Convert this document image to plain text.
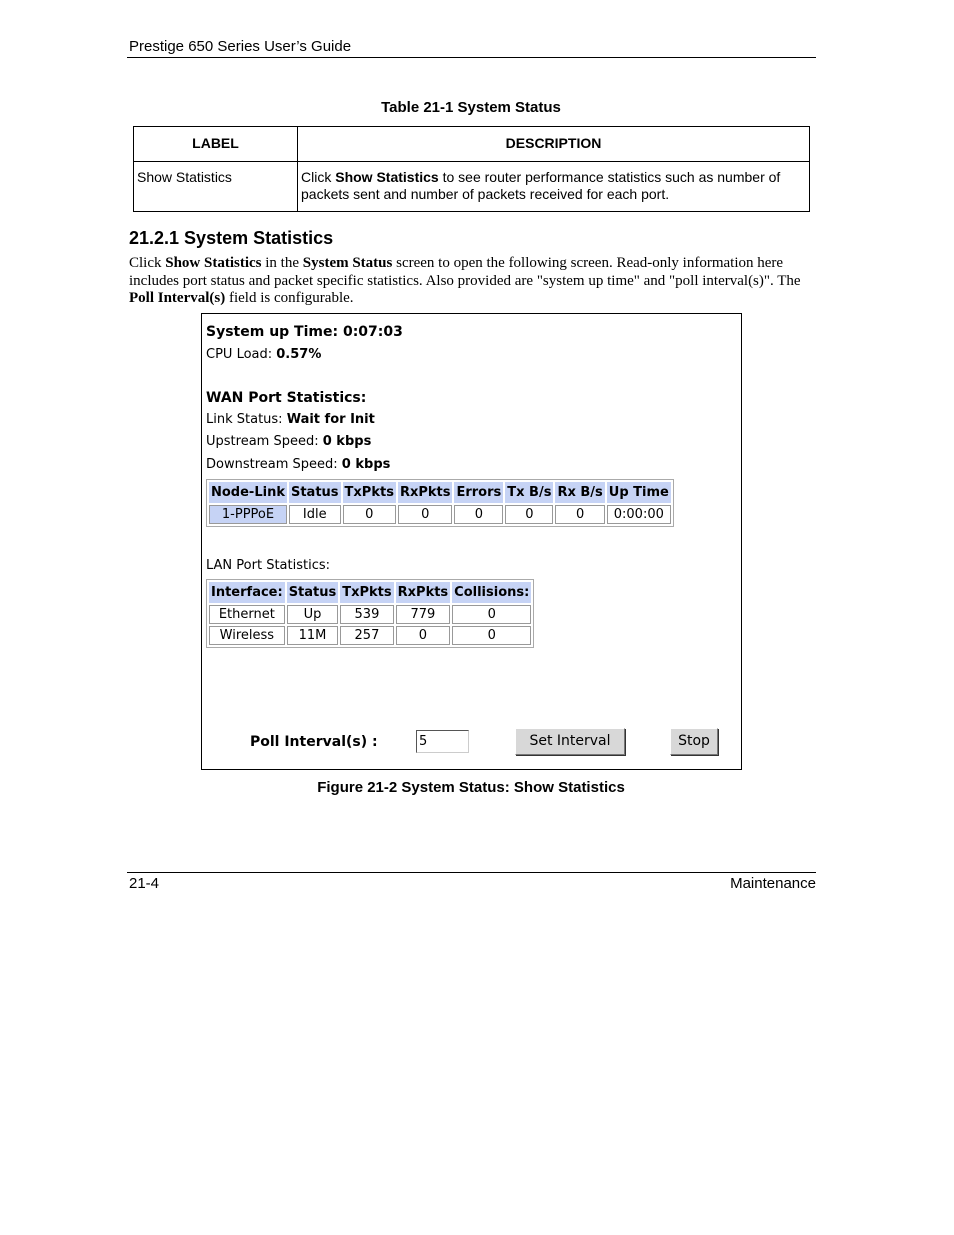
Prestige 650 Series User’s Guide
Table 21-1 System Status
LABEL	DESCRIPTION
Show Statistics	Click Show Statistics to see router performance statistics such as number of packets sent and number of packets received for each port.
21.2.1 System Statistics
Click Show Statistics in the System Status screen to open the following screen. Read-only information here includes port status and packet specific statistics. Also provided are "system up time" and "poll interval(s)". The Poll Interval(s) field is configurable.
System up Time: 0:07:03
CPU Load: 0.57%
WAN Port Statistics:
Link Status: Wait for Init
Upstream Speed: 0 kbps
Downstream Speed: 0 kbps
Node-Link	Status	TxPkts	RxPkts	Errors	Tx B/s	Rx B/s	Up Time
1-PPPoE	Idle	0	0	0	0	0	0:00:00
LAN Port Statistics:
Interface:	Status	TxPkts	RxPkts	Collisions:
Ethernet	Up	539	779	0
Wireless	11M	257	0	0
Poll Interval(s) :
5	Set Interval	Stop
Figure 21-2 System Status: Show Statistics
21-4	Maintenance
